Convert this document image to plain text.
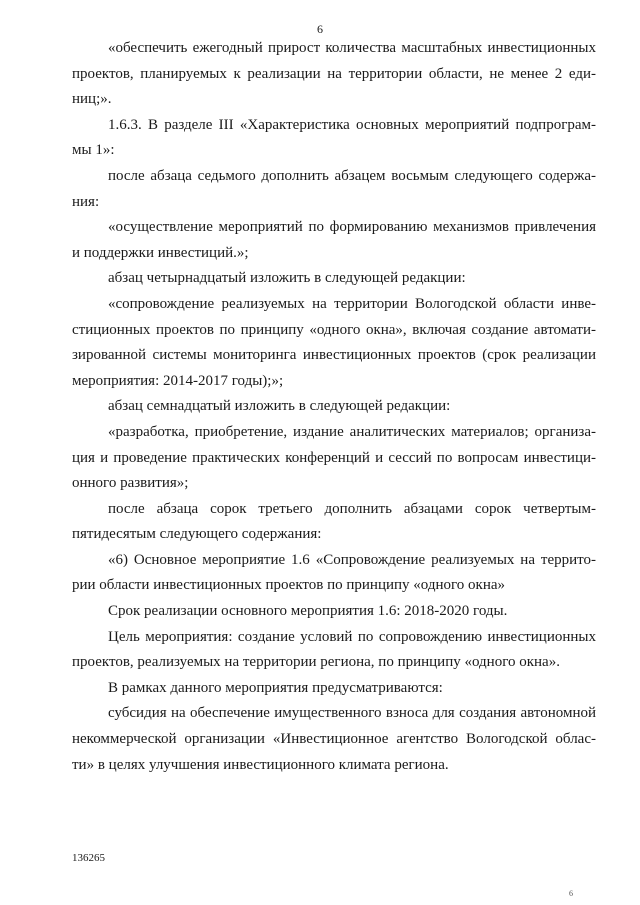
6
«обеспечить ежегодный прирост количества масштабных инвестиционных
проектов, планируемых к реализации на территории области, не менее 2 еди-
ниц;».
1.6.3. В разделе III «Характеристика основных мероприятий подпрограм-
мы 1»:
после абзаца седьмого дополнить абзацем восьмым следующего содержа-
ния:
«осуществление мероприятий по формированию механизмов привлечения
и поддержки инвестиций.»;
абзац четырнадцатый изложить в следующей редакции:
«сопровождение реализуемых на территории Вологодской области инве-
стиционных проектов по принципу «одного окна», включая создание автомати-
зированной системы мониторинга инвестиционных проектов (срок реализации
мероприятия: 2014-2017 годы);»;
абзац семнадцатый изложить в следующей редакции:
«разработка, приобретение, издание аналитических материалов; организа-
ция и проведение практических конференций и сессий по вопросам инвестици-
онного развития»;
после абзаца сорок третьего дополнить абзацами сорок четвертым-
пятидесятым следующего содержания:
«6) Основное мероприятие 1.6 «Сопровождение реализуемых на террито-
рии области инвестиционных проектов по принципу «одного окна»
Срок реализации основного мероприятия 1.6: 2018-2020 годы.
Цель мероприятия: создание условий по сопровождению инвестиционных
проектов, реализуемых на территории региона, по принципу «одного окна».
В рамках данного мероприятия предусматриваются:
субсидия на обеспечение имущественного взноса для создания автономной
некоммерческой организации «Инвестиционное агентство Вологодской облас-
ти» в целях улучшения инвестиционного климата региона.
136265
6
